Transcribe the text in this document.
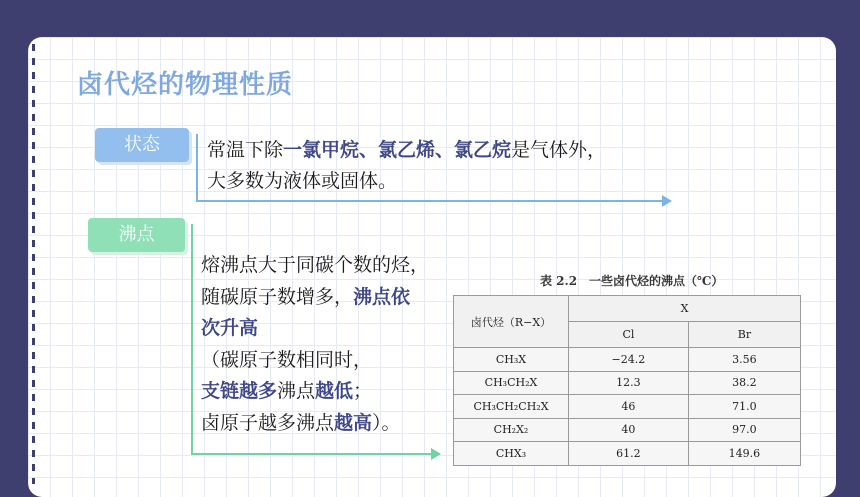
卤代烃的物理性质
状态	常温下除一氯甲烷、氯乙烯、氯乙烷是气体外，
大多数为液体或固体。
沸点
熔沸点大于同碳个数的烃，
随碳原子数增多，沸点依
次升高
（碳原子数相同时，
支链越多沸点越低；
卤原子越多沸点越高）。
表 2.2　一些卤代烃的沸点（℃）
卤代烃（R−X）	X	
	Cl	Br
CH₃X	−24.2	3.56
CH₃CH₂X	12.3	38.2
CH₃CH₂CH₂X	46	71.0
CH₂X₂	40	97.0
CHX₃	61.2	149.6
